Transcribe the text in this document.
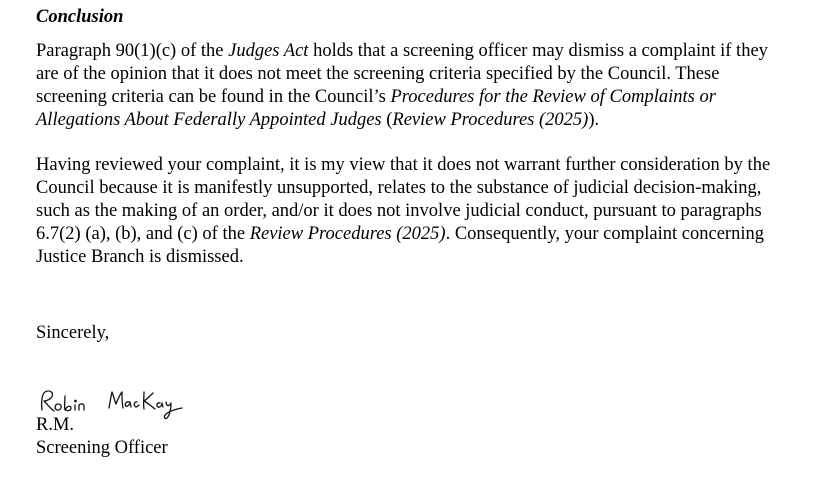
Conclusion
Paragraph 90(1)(c) of the Judges Act holds that a screening officer may dismiss a complaint if they
are of the opinion that it does not meet the screening criteria specified by the Council. These
screening criteria can be found in the Council’s Procedures for the Review of Complaints or
Allegations About Federally Appointed Judges (Review Procedures (2025)).
Having reviewed your complaint, it is my view that it does not warrant further consideration by the
Council because it is manifestly unsupported, relates to the substance of judicial decision-making,
such as the making of an order, and/or it does not involve judicial conduct, pursuant to paragraphs
6.7(2) (a), (b), and (c) of the Review Procedures (2025). Consequently, your complaint concerning
Justice Branch is dismissed.
Sincerely,
R.M.
Screening Officer
